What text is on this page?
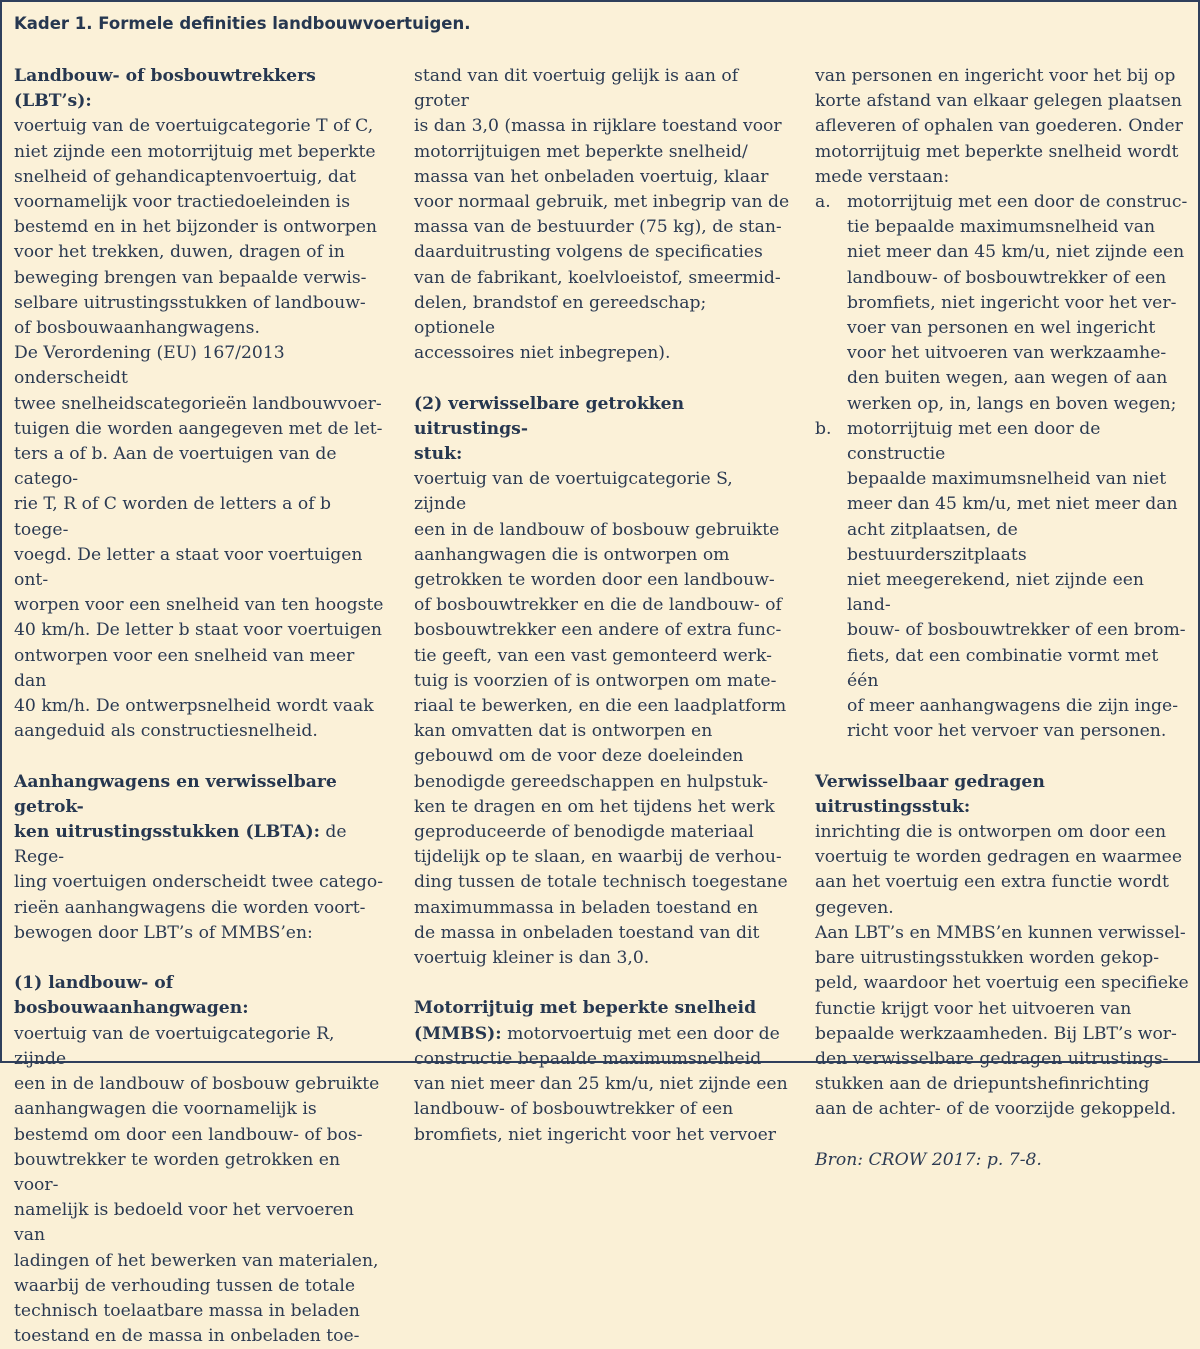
Kader 1. Formele definities landbouwvoertuigen.

Landbouw- of bosbouwtrekkers (LBT’s):

voertuig van de voertuigcategorie T of C,

niet zijnde een motorrijtuig met beperkte

snelheid of gehandicaptenvoertuig, dat

voornamelijk voor tractiedoeleinden is

bestemd en in het bijzonder is ontworpen

voor het trekken, duwen, dragen of in

beweging brengen van bepaalde verwis-

selbare uitrustingsstukken of landbouw-

of bosbouwaanhangwagens.

De Verordening (EU) 167/2013 onderscheidt

twee snelheidscategorieën landbouwvoer-

tuigen die worden aangegeven met de let-

ters a of b. Aan de voertuigen van de catego-

rie T, R of C worden de letters a of b toege-

voegd. De letter a staat voor voertuigen ont-

worpen voor een snelheid van ten hoogste

40 km/h. De letter b staat voor voertuigen

ontworpen voor een snelheid van meer dan

40 km/h. De ontwerpsnelheid wordt vaak

aangeduid als constructiesnelheid.

Aanhangwagens en verwisselbare getrok-

ken uitrustingsstukken (LBTA): de Rege-

ling voertuigen onderscheidt twee catego-

rieën aanhangwagens die worden voort-

bewogen door LBT’s of MMBS’en:

(1) landbouw- of bosbouwaanhangwagen:

voertuig van de voertuigcategorie R, zijnde

een in de landbouw of bosbouw gebruikte

aanhangwagen die voornamelijk is

bestemd om door een landbouw- of bos-

bouwtrekker te worden getrokken en voor-

namelijk is bedoeld voor het vervoeren van

ladingen of het bewerken van materialen,

waarbij de verhouding tussen de totale

technisch toelaatbare massa in beladen

toestand en de massa in onbeladen toe-

stand van dit voertuig gelijk is aan of groter

is dan 3,0 (massa in rijklare toestand voor

motorrijtuigen met beperkte snelheid/

massa van het onbeladen voertuig, klaar

voor normaal gebruik, met inbegrip van de

massa van de bestuurder (75 kg), de stan-

daarduitrusting volgens de specificaties

van de fabrikant, koelvloeistof, smeermid-

delen, brandstof en gereedschap; optionele

accessoires niet inbegrepen).

(2) verwisselbare getrokken uitrustings-

stuk:

voertuig van de voertuigcategorie S, zijnde

een in de landbouw of bosbouw gebruikte

aanhangwagen die is ontworpen om

getrokken te worden door een landbouw-

of bosbouwtrekker en die de landbouw- of

bosbouwtrekker een andere of extra func-

tie geeft, van een vast gemonteerd werk-

tuig is voorzien of is ontworpen om mate-

riaal te bewerken, en die een laadplatform

kan omvatten dat is ontworpen en

gebouwd om de voor deze doeleinden

benodigde gereedschappen en hulpstuk-

ken te dragen en om het tijdens het werk

geproduceerde of benodigde materiaal

tijdelijk op te slaan, en waarbij de verhou-

ding tussen de totale technisch toegestane

maximummassa in beladen toestand en

de massa in onbeladen toestand van dit

voertuig kleiner is dan 3,0.

Motorrijtuig met beperkte snelheid

(MMBS): motorvoertuig met een door de

constructie bepaalde maximumsnelheid

van niet meer dan 25 km/u, niet zijnde een

landbouw- of bosbouwtrekker of een

bromfiets, niet ingericht voor het vervoer

van personen en ingericht voor het bij op

korte afstand van elkaar gelegen plaatsen

afleveren of ophalen van goederen. Onder

motorrijtuig met beperkte snelheid wordt

mede verstaan:

a. motorrijtuig met een door de construc-

tie bepaalde maximumsnelheid van

niet meer dan 45 km/u, niet zijnde een

landbouw- of bosbouwtrekker of een

bromfiets, niet ingericht voor het ver-

voer van personen en wel ingericht

voor het uitvoeren van werkzaamhe-

den buiten wegen, aan wegen of aan

werken op, in, langs en boven wegen;

b. motorrijtuig met een door de constructie

bepaalde maximumsnelheid van niet

meer dan 45 km/u, met niet meer dan

acht zitplaatsen, de bestuurderszitplaats

niet meegerekend, niet zijnde een land-

bouw- of bosbouwtrekker of een brom-

fiets, dat een combinatie vormt met één

of meer aanhangwagens die zijn inge-

richt voor het vervoer van personen.

Verwisselbaar gedragen uitrustingsstuk:

inrichting die is ontworpen om door een

voertuig te worden gedragen en waarmee

aan het voertuig een extra functie wordt

gegeven.

Aan LBT’s en MMBS’en kunnen verwissel-

bare uitrustingsstukken worden gekop-

peld, waardoor het voertuig een specifieke

functie krijgt voor het uitvoeren van

bepaalde werkzaamheden. Bij LBT’s wor-

den verwisselbare gedragen uitrustings-

stukken aan de driepuntshefinrichting

aan de achter- of de voorzijde gekoppeld.

Bron: CROW 2017: p. 7-8.
